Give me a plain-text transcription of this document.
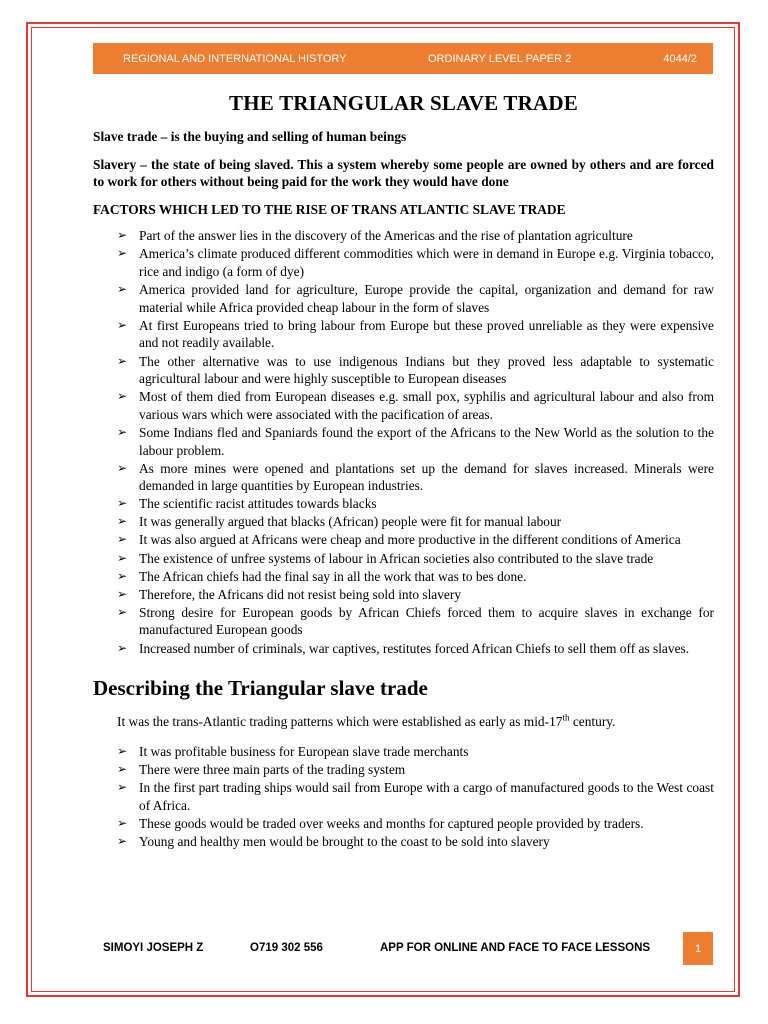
REGIONAL AND INTERNATIONAL HISTORY	ORDINARY LEVEL PAPER 2	4044/2
THE TRIANGULAR SLAVE TRADE
Slave trade – is the buying and selling of human beings
Slavery – the state of being slaved. This a system whereby some people are owned by others and are forced to work for others without being paid for the work they would have done
FACTORS WHICH LED TO THE RISE OF TRANS ATLANTIC SLAVE TRADE
➢ Part of the answer lies in the discovery of the Americas and the rise of plantation agriculture
➢ America’s climate produced different commodities which were in demand in Europe e.g. Virginia tobacco, rice and indigo (a form of dye)
➢ America provided land for agriculture, Europe provide the capital, organization and demand for raw material while Africa provided cheap labour in the form of slaves
➢ At first Europeans tried to bring labour from Europe but these proved unreliable as they were expensive and not readily available.
➢ The other alternative was to use indigenous Indians but they proved less adaptable to systematic agricultural labour and were highly susceptible to European diseases
➢ Most of them died from European diseases e.g. small pox, syphilis and agricultural labour and also from various wars which were associated with the pacification of areas.
➢ Some Indians fled and Spaniards found the export of the Africans to the New World as the solution to the labour problem.
➢ As more mines were opened and plantations set up the demand for slaves increased. Minerals were demanded in large quantities by European industries.
➢ The scientific racist attitudes towards blacks
➢ It was generally argued that blacks (African) people were fit for manual labour
➢ It was also argued at Africans were cheap and more productive in the different conditions of America
➢ The existence of unfree systems of labour in African societies also contributed to the slave trade
➢ The African chiefs had the final say in all the work that was to bes done.
➢ Therefore, the Africans did not resist being sold into slavery
➢ Strong desire for European goods by African Chiefs forced them to acquire slaves in exchange for manufactured European goods
➢ Increased number of criminals, war captives, restitutes forced African Chiefs to sell them off as slaves.
Describing the Triangular slave trade
It was the trans-Atlantic trading patterns which were established as early as mid-17th century.
➢ It was profitable business for European slave trade merchants
➢ There were three main parts of the trading system
➢ In the first part trading ships would sail from Europe with a cargo of manufactured goods to the West coast of Africa.
➢ These goods would be traded over weeks and months for captured people provided by traders.
➢ Young and healthy men would be brought to the coast to be sold into slavery
SIMOYI JOSEPH Z	O719 302 556	APP FOR ONLINE AND FACE TO FACE LESSONS	1
